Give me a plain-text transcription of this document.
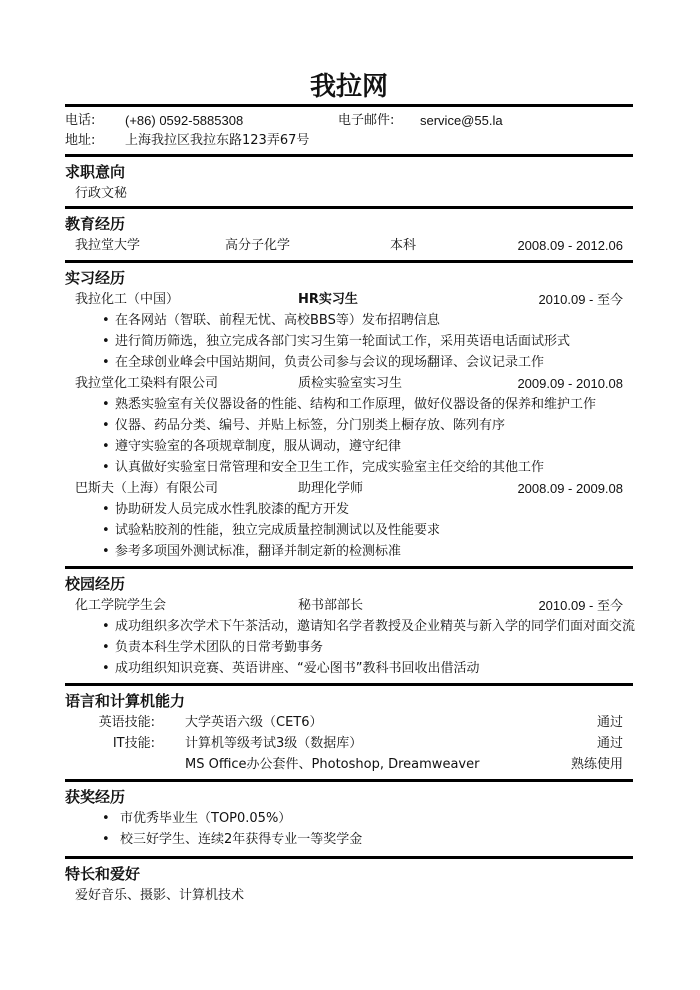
我拉网
电话: (+86) 0592-5885308	电子邮件: service@55.la
地址: 上海我拉区我拉东路123弄67号
求职意向
行政文秘
教育经历
我拉堂大学	高分子化学	本科	2008.09 - 2012.06
实习经历
我拉化工（中国）	HR实习生	2010.09 - 至今
• 在各网站（智联、前程无忧、高校BBS等）发布招聘信息
• 进行简历筛选，独立完成各部门实习生第一轮面试工作，采用英语电话面试形式
• 在全球创业峰会中国站期间，负责公司参与会议的现场翻译、会议记录工作
我拉堂化工染料有限公司	质检实验室实习生	2009.09 - 2010.08
• 熟悉实验室有关仪器设备的性能、结构和工作原理，做好仪器设备的保养和维护工作
• 仪器、药品分类、编号、并贴上标签，分门别类上橱存放、陈列有序
• 遵守实验室的各项规章制度，服从调动，遵守纪律
• 认真做好实验室日常管理和安全卫生工作，完成实验室主任交给的其他工作
巴斯夫（上海）有限公司	助理化学师	2008.09 - 2009.08
• 协助研发人员完成水性乳胶漆的配方开发
• 试验粘胶剂的性能，独立完成质量控制测试以及性能要求
• 参考多项国外测试标准，翻译并制定新的检测标准
校园经历
化工学院学生会	秘书部部长	2010.09 - 至今
• 成功组织多次学术下午茶活动，邀请知名学者教授及企业精英与新入学的同学们面对面交流
• 负责本科生学术团队的日常考勤事务
• 成功组织知识竞赛、英语讲座、“爱心图书”教科书回收出借活动
语言和计算机能力
英语技能: 大学英语六级（CET6）	通过
IT技能: 计算机等级考试3级（数据库）	通过
MS Office办公套件、Photoshop, Dreamweaver	熟练使用
获奖经历
• 市优秀毕业生（TOP0.05%）
• 校三好学生、连续2年获得专业一等奖学金
特长和爱好
爱好音乐、摄影、计算机技术
